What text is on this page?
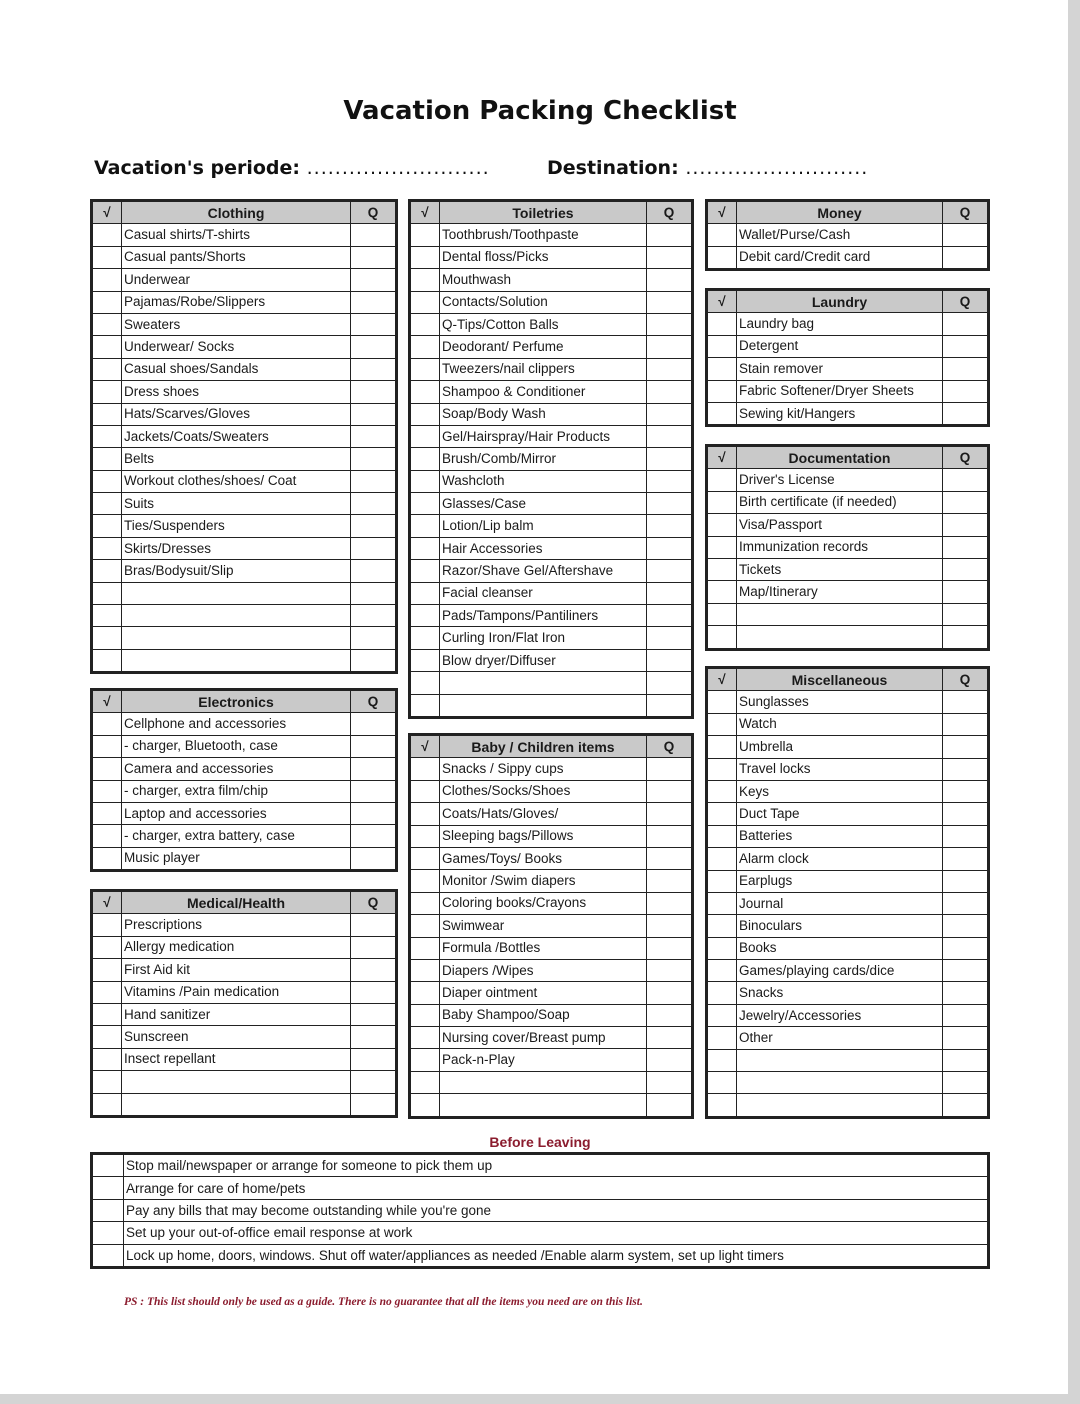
Vacation Packing Checklist
Vacation's periode: ..........................	Destination: ..........................
√	Clothing	Q
	Casual shirts/T-shirts	
	Casual pants/Shorts	
	Underwear	
	Pajamas/Robe/Slippers	
	Sweaters	
	Underwear/ Socks	
	Casual shoes/Sandals	
	Dress shoes	
	Hats/Scarves/Gloves	
	Jackets/Coats/Sweaters	
	Belts	
	Workout clothes/shoes/ Coat	
	Suits	
	Ties/Suspenders	
	Skirts/Dresses	
	Bras/Bodysuit/Slip	

√	Electronics	Q
	Cellphone and accessories	
	- charger, Bluetooth, case	
	Camera and accessories	
	- charger, extra film/chip	
	Laptop and accessories	
	- charger, extra battery, case	
	Music player	
√	Medical/Health	Q
	Prescriptions	
	Allergy medication	
	First Aid kit	
	Vitamins /Pain medication	
	Hand sanitizer	
	Sunscreen	
	Insect repellant	

√	Toiletries	Q
	Toothbrush/Toothpaste	
	Dental floss/Picks	
	Mouthwash	
	Contacts/Solution	
	Q-Tips/Cotton Balls	
	Deodorant/ Perfume	
	Tweezers/nail clippers	
	Shampoo & Conditioner	
	Soap/Body Wash	
	Gel/Hairspray/Hair Products	
	Brush/Comb/Mirror	
	Washcloth	
	Glasses/Case	
	Lotion/Lip balm	
	Hair Accessories	
	Razor/Shave Gel/Aftershave	
	Facial cleanser	
	Pads/Tampons/Pantiliners	
	Curling Iron/Flat Iron	
	Blow dryer/Diffuser	

√	Baby / Children items	Q
	Snacks / Sippy cups	
	Clothes/Socks/Shoes	
	Coats/Hats/Gloves/	
	Sleeping bags/Pillows	
	Games/Toys/ Books	
	Monitor /Swim diapers	
	Coloring books/Crayons	
	Swimwear	
	Formula /Bottles	
	Diapers /Wipes	
	Diaper ointment	
	Baby Shampoo/Soap	
	Nursing cover/Breast pump	
	Pack-n-Play	

√	Money	Q
	Wallet/Purse/Cash	
	Debit card/Credit card	
√	Laundry	Q
	Laundry bag	
	Detergent	
	Stain remover	
	Fabric Softener/Dryer Sheets	
	Sewing kit/Hangers	
√	Documentation	Q
	Driver's License	
	Birth certificate (if needed)	
	Visa/Passport	
	Immunization records	
	Tickets	
	Map/Itinerary	

√	Miscellaneous	Q
	Sunglasses	
	Watch	
	Umbrella	
	Travel locks	
	Keys	
	Duct Tape	
	Batteries	
	Alarm clock	
	Earplugs	
	Journal	
	Binoculars	
	Books	
	Games/playing cards/dice	
	Snacks	
	Jewelry/Accessories	
	Other	

Before Leaving
	Stop mail/newspaper or arrange for someone to pick them up
	Arrange for care of home/pets
	Pay any bills that may become outstanding while you're gone
	Set up your out-of-office email response at work
	Lock up home, doors, windows. Shut off water/appliances as needed /Enable alarm system, set up light timers
PS : This list should only be used as a guide. There is no guarantee that all the items you need are on this list.
